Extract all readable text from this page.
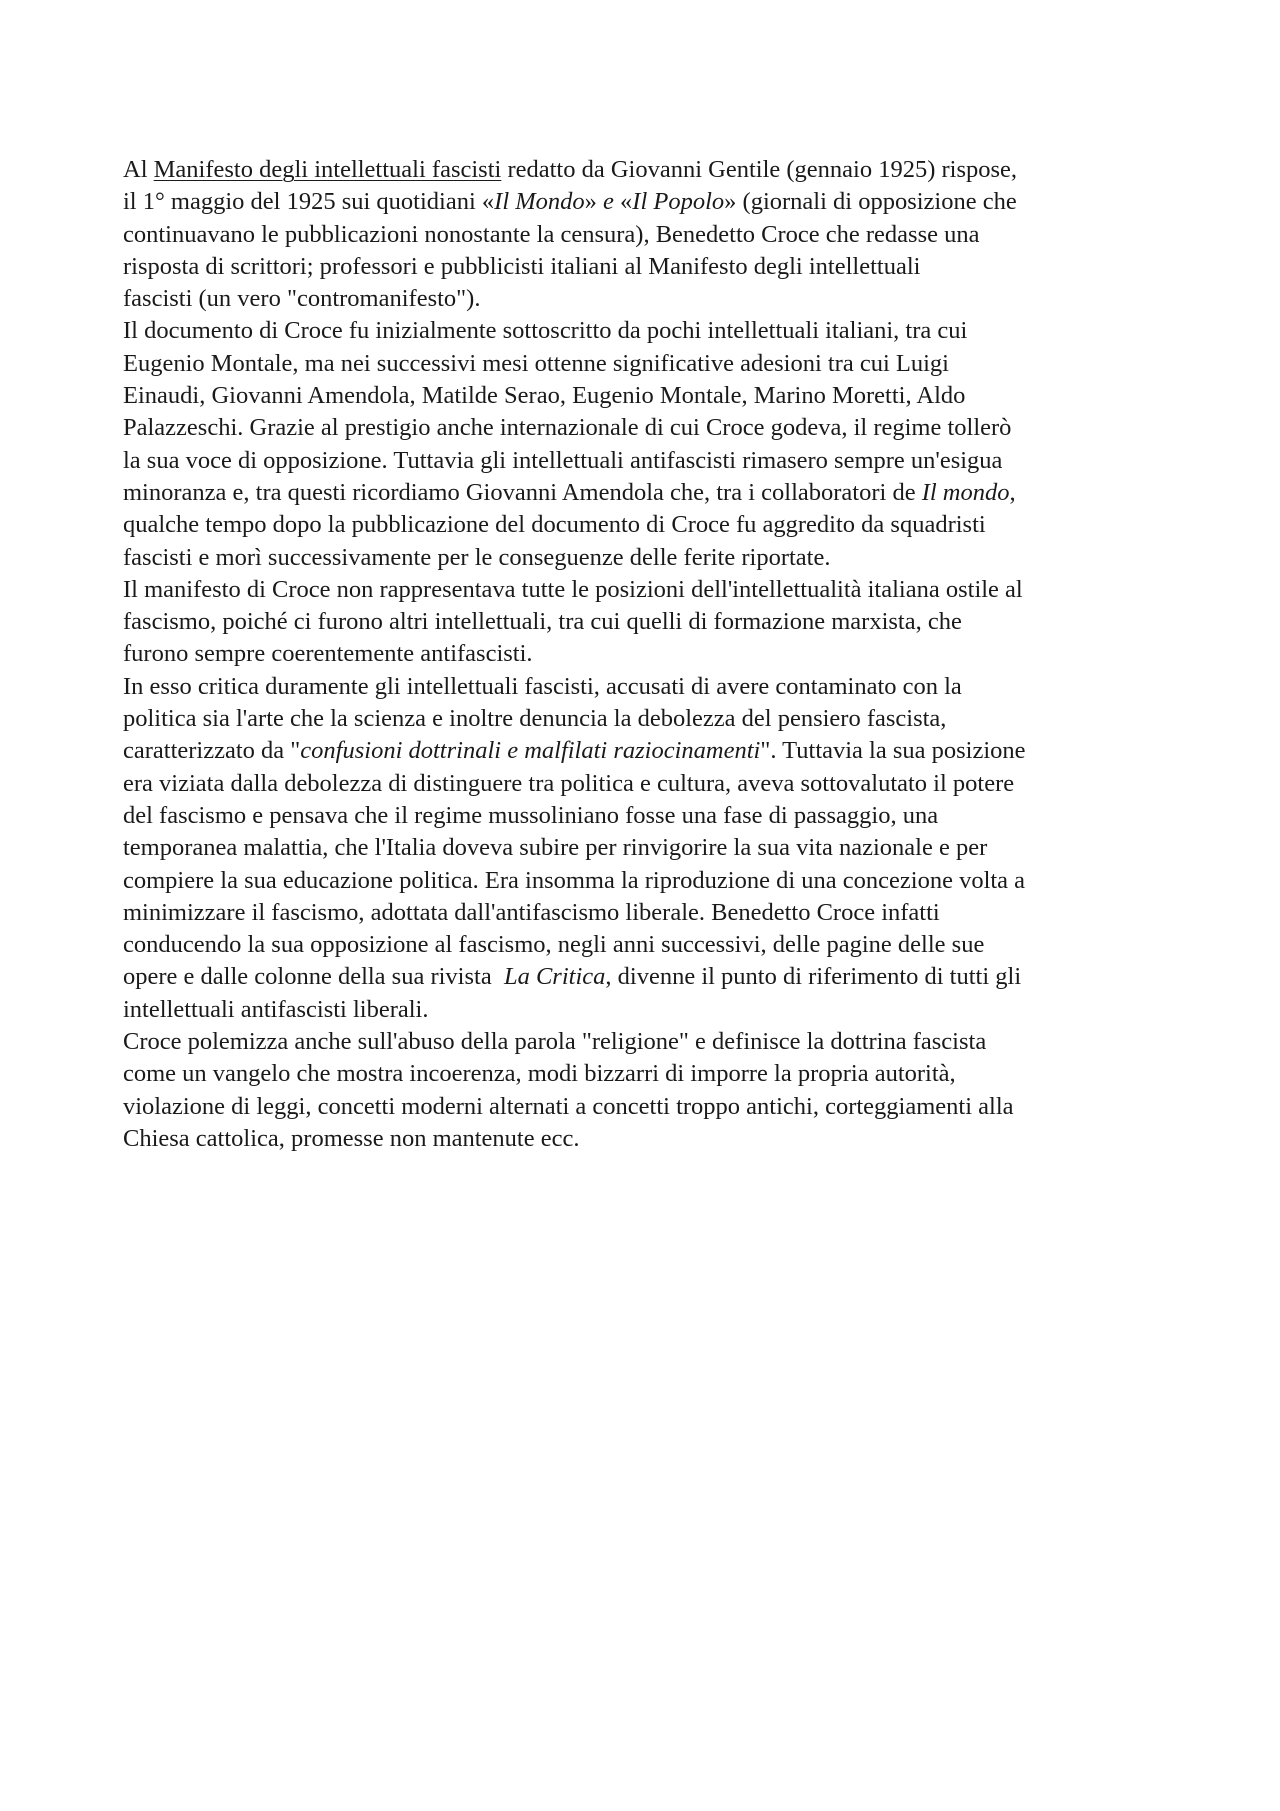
Al Manifesto degli intellettuali fascisti redatto da Giovanni Gentile (gennaio 1925) rispose,
il 1° maggio del 1925 sui quotidiani «Il Mondo» e «Il Popolo» (giornali di opposizione che
continuavano le pubblicazioni nonostante la censura), Benedetto Croce che redasse una
risposta di scrittori; professori e pubblicisti italiani al Manifesto degli intellettuali
fascisti (un vero "contromanifesto").

Il documento di Croce fu inizialmente sottoscritto da pochi intellettuali italiani, tra cui
Eugenio Montale, ma nei successivi mesi ottenne significative adesioni tra cui Luigi
Einaudi, Giovanni Amendola, Matilde Serao, Eugenio Montale, Marino Moretti, Aldo
Palazzeschi. Grazie al prestigio anche internazionale di cui Croce godeva, il regime tollerò
la sua voce di opposizione. Tuttavia gli intellettuali antifascisti rimasero sempre un'esigua
minoranza e, tra questi ricordiamo Giovanni Amendola che, tra i collaboratori de Il mondo,
qualche tempo dopo la pubblicazione del documento di Croce fu aggredito da squadristi
fascisti e morì successivamente per le conseguenze delle ferite riportate.

Il manifesto di Croce non rappresentava tutte le posizioni dell'intellettualità italiana ostile al
fascismo, poiché ci furono altri intellettuali, tra cui quelli di formazione marxista, che
furono sempre coerentemente antifascisti.

In esso critica duramente gli intellettuali fascisti, accusati di avere contaminato con la
politica sia l'arte che la scienza e inoltre denuncia la debolezza del pensiero fascista,
caratterizzato da "confusioni dottrinali e malfilati raziocinamenti". Tuttavia la sua posizione
era viziata dalla debolezza di distinguere tra politica e cultura, aveva sottovalutato il potere
del fascismo e pensava che il regime mussoliniano fosse una fase di passaggio, una
temporanea malattia, che l'Italia doveva subire per rinvigorire la sua vita nazionale e per
compiere la sua educazione politica. Era insomma la riproduzione di una concezione volta a
minimizzare il fascismo, adottata dall'antifascismo liberale. Benedetto Croce infatti
conducendo la sua opposizione al fascismo, negli anni successivi, delle pagine delle sue
opere e dalle colonne della sua rivista  La Critica, divenne il punto di riferimento di tutti gli
intellettuali antifascisti liberali.

Croce polemizza anche sull'abuso della parola "religione" e definisce la dottrina fascista
come un vangelo che mostra incoerenza, modi bizzarri di imporre la propria autorità,
violazione di leggi, concetti moderni alternati a concetti troppo antichi, corteggiamenti alla
Chiesa cattolica, promesse non mantenute ecc.
